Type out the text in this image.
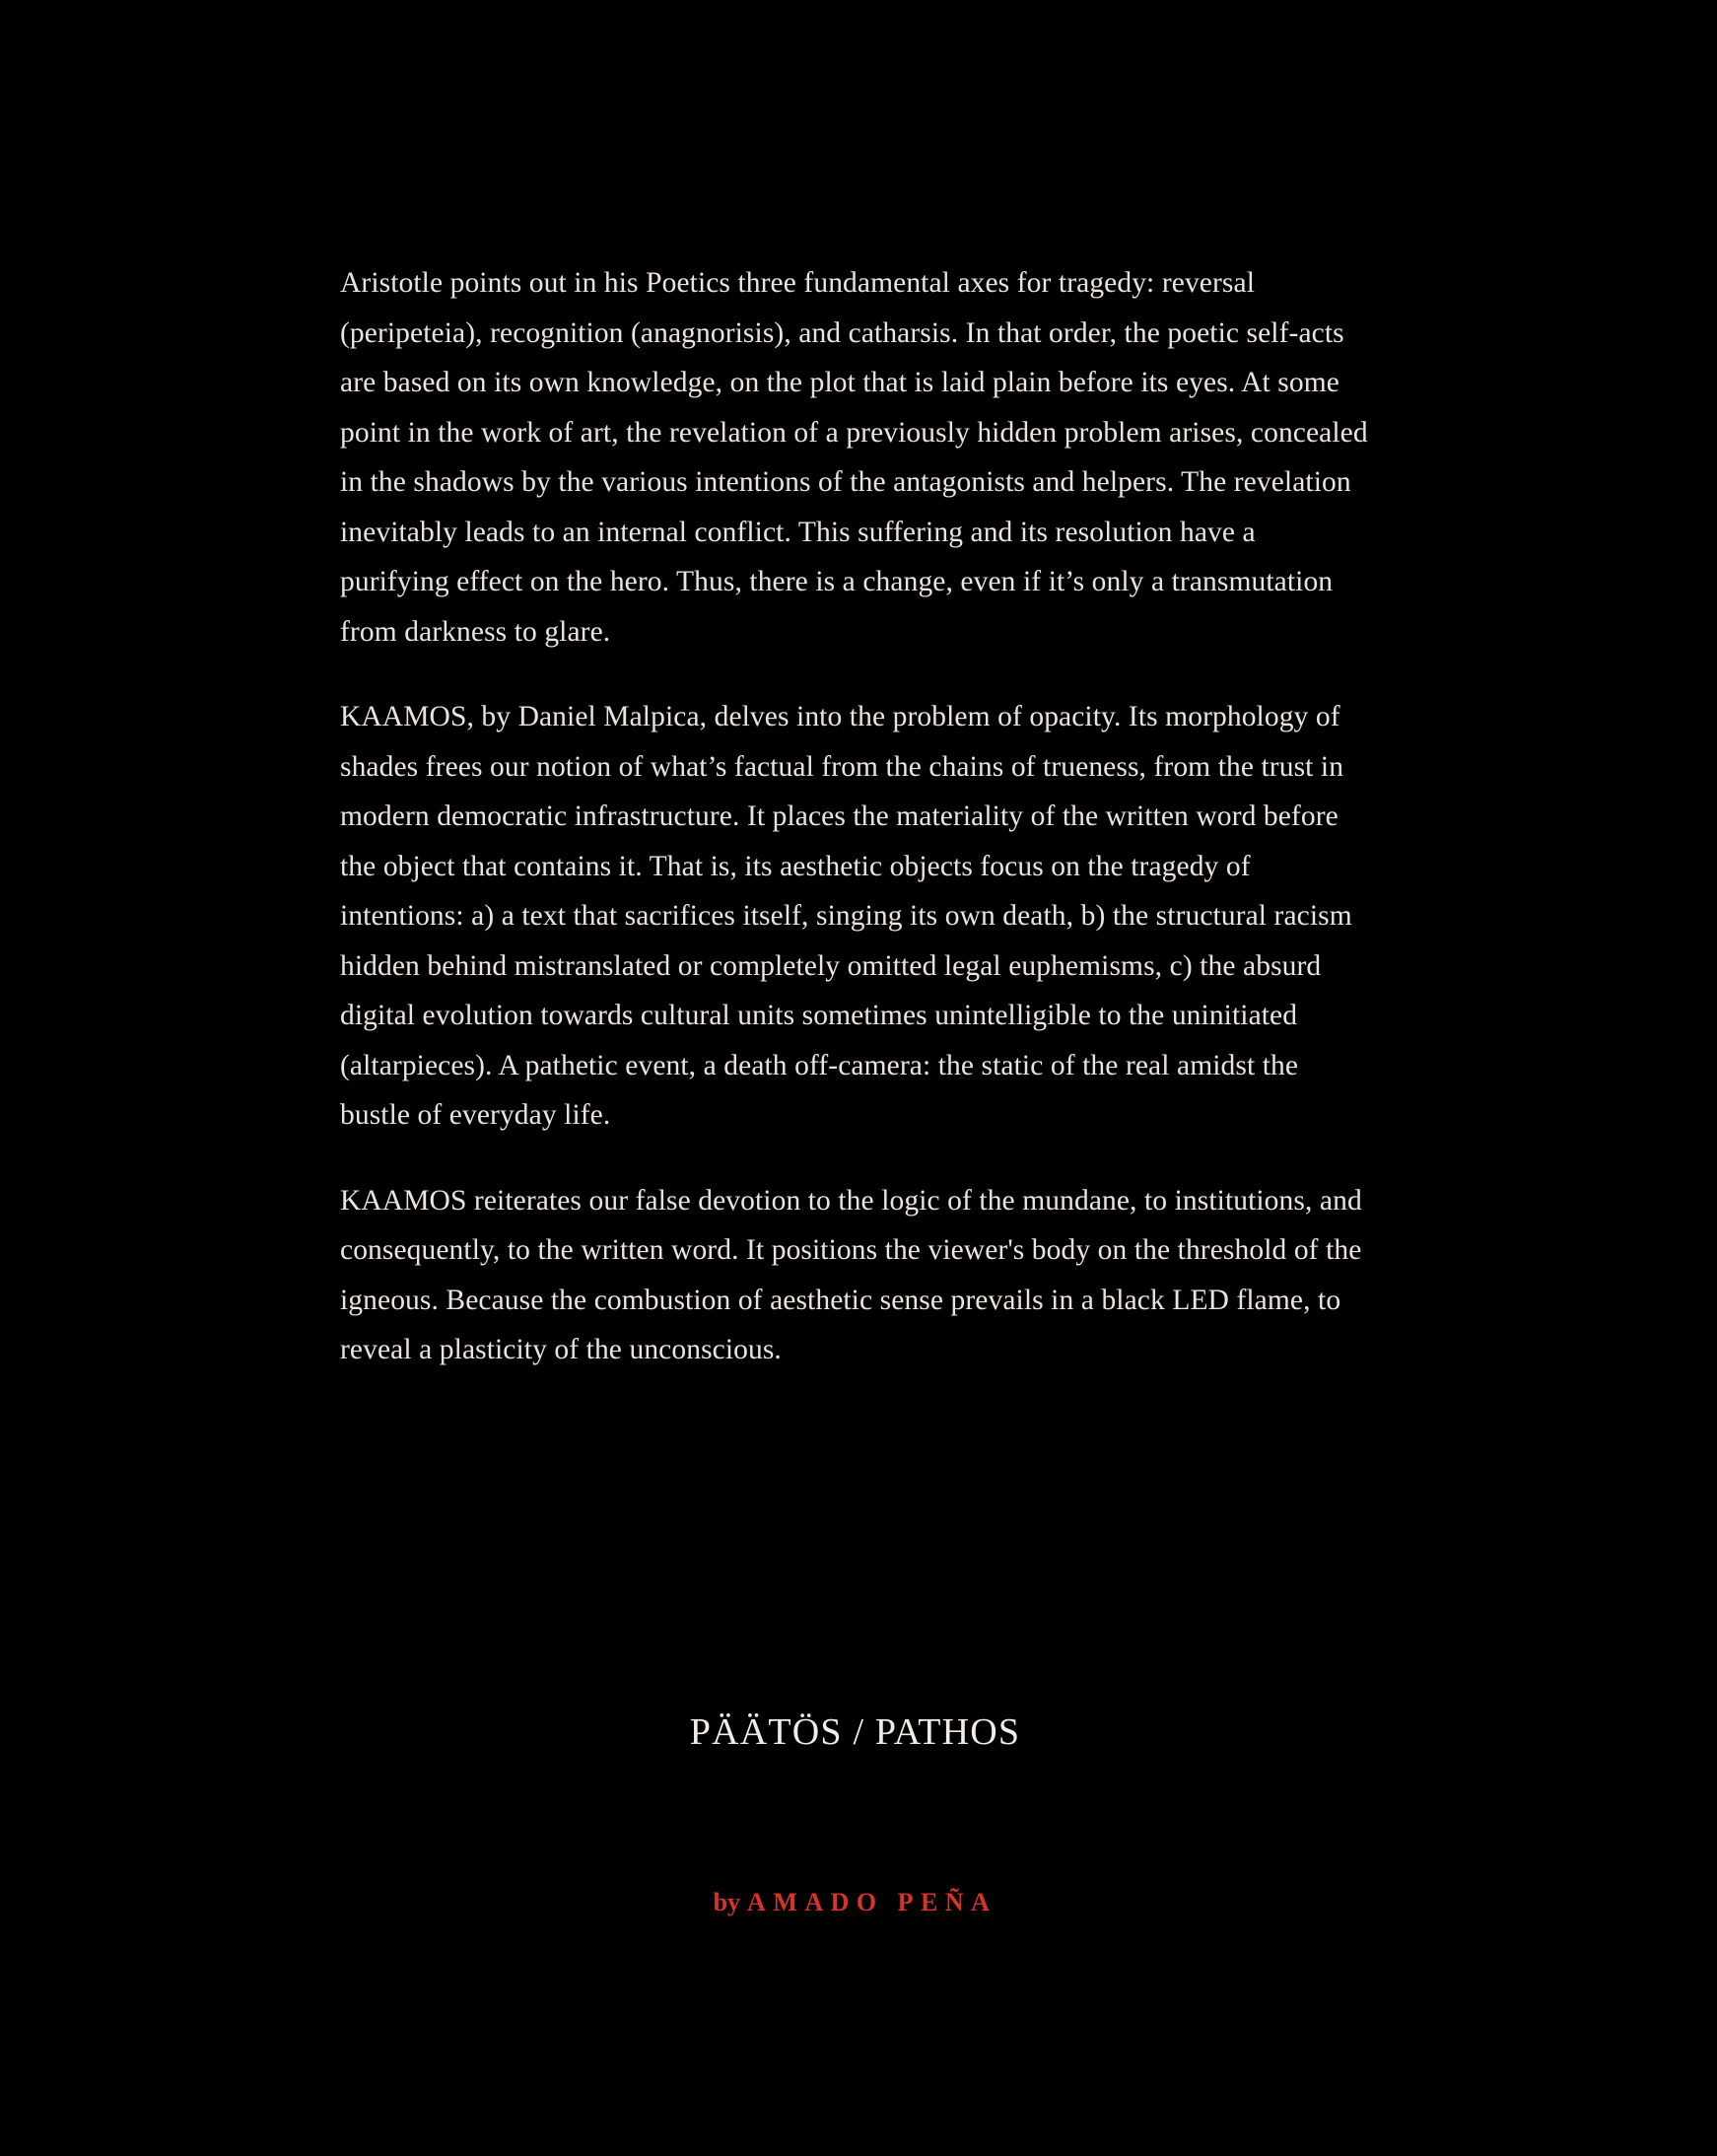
Aristotle points out in his Poetics three fundamental axes for tragedy: reversal (peripeteia), recognition (anagnorisis), and catharsis. In that order, the poetic self-acts are based on its own knowledge, on the plot that is laid plain before its eyes. At some point in the work of art, the revelation of a previously hidden problem arises, concealed in the shadows by the various intentions of the antagonists and helpers. The revelation inevitably leads to an internal conflict. This suffering and its resolution have a purifying effect on the hero. Thus, there is a change, even if it’s only a transmutation from darkness to glare.

KAAMOS, by Daniel Malpica, delves into the problem of opacity. Its morphology of shades frees our notion of what’s factual from the chains of trueness, from the trust in modern democratic infrastructure. It places the materiality of the written word before the object that contains it. That is, its aesthetic objects focus on the tragedy of intentions: a) a text that sacrifices itself, singing its own death, b) the structural racism hidden behind mistranslated or completely omitted legal euphemisms, c) the absurd digital evolution towards cultural units sometimes unintelligible to the uninitiated (altarpieces). A pathetic event, a death off-camera: the static of the real amidst the bustle of everyday life.

KAAMOS reiterates our false devotion to the logic of the mundane, to institutions, and consequently, to the written word. It positions the viewer's body on the threshold of the igneous. Because the combustion of aesthetic sense prevails in a black LED flame, to reveal a plasticity of the unconscious.

PÄÄTÖS / PATHOS
by AMADO PEÑA
